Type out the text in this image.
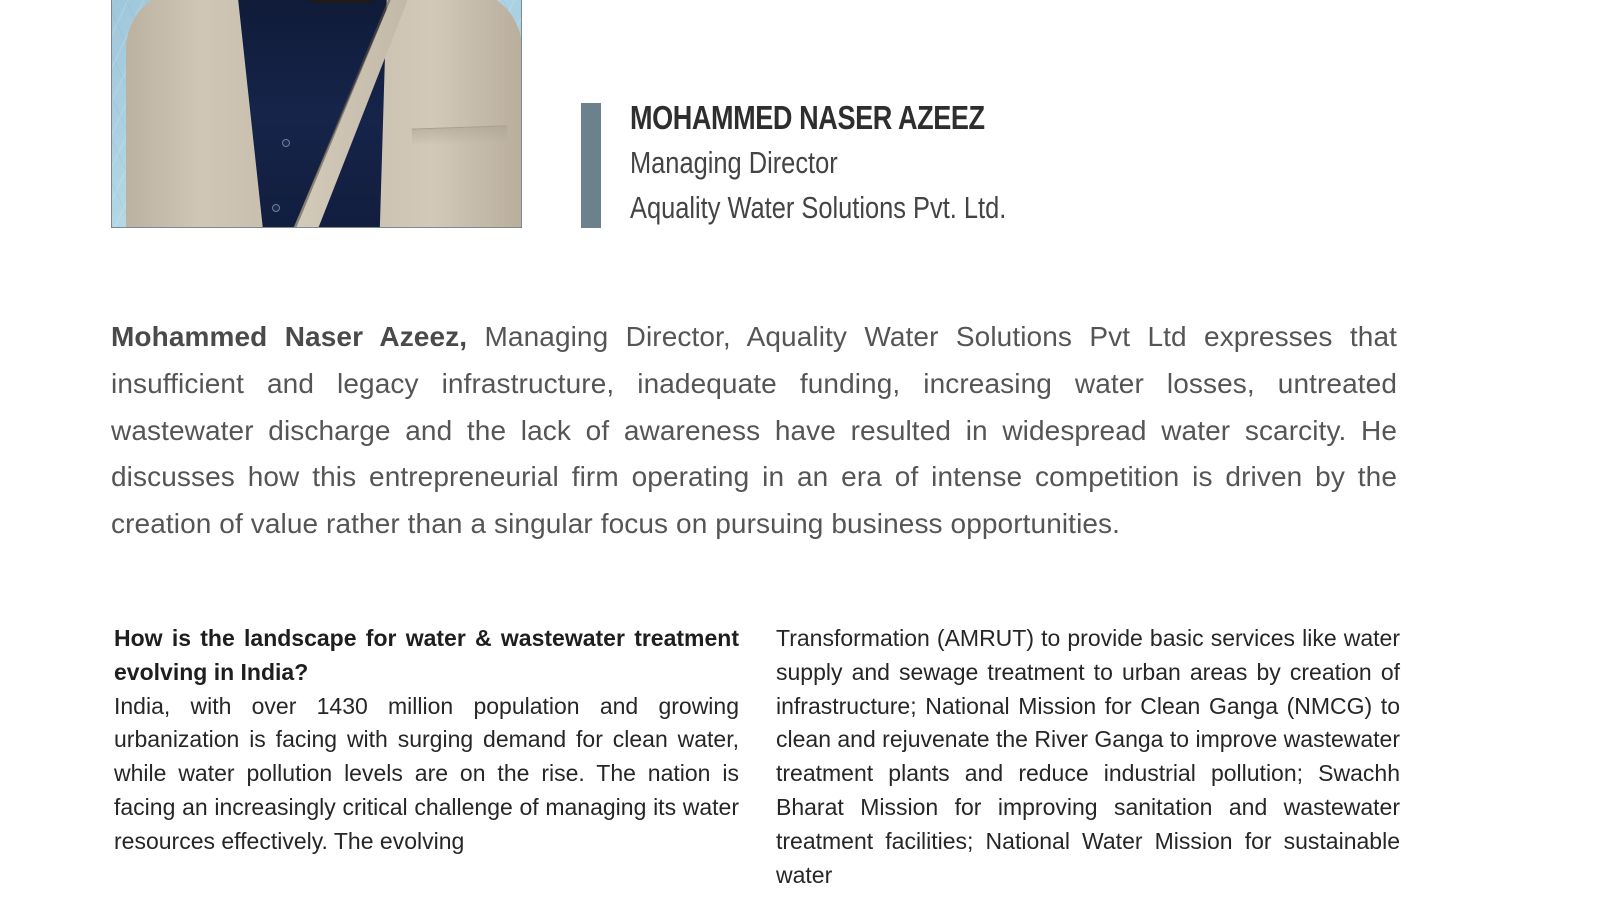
MOHAMMED NASER AZEEZ
Managing Director
Aquality Water Solutions Pvt. Ltd.
Mohammed Naser Azeez, Managing Director, Aquality Water Solutions Pvt Ltd expresses that insufficient and legacy infrastructure, inadequate funding, increasing water losses, untreated wastewater discharge and the lack of awareness have resulted in widespread water scarcity. He discusses how this entrepreneurial firm operating in an era of intense competition is driven by the creation of value rather than a singular focus on pursuing business opportunities.

How is the landscape for water & wastewater treatment evolving in India?

India, with over 1430 million population and growing urbanization is facing with surging demand for clean water, while water pollution levels are on the rise. The nation is facing an increasingly critical challenge of managing its water resources effectively. The evolving

Transformation (AMRUT) to provide basic services like water supply and sewage treatment to urban areas by creation of infrastructure; National Mission for Clean Ganga (NMCG) to clean and rejuvenate the River Ganga to improve wastewater treatment plants and reduce industrial pollution; Swachh Bharat Mission for improving sanitation and wastewater treatment facilities; National Water Mission for sustainable water
